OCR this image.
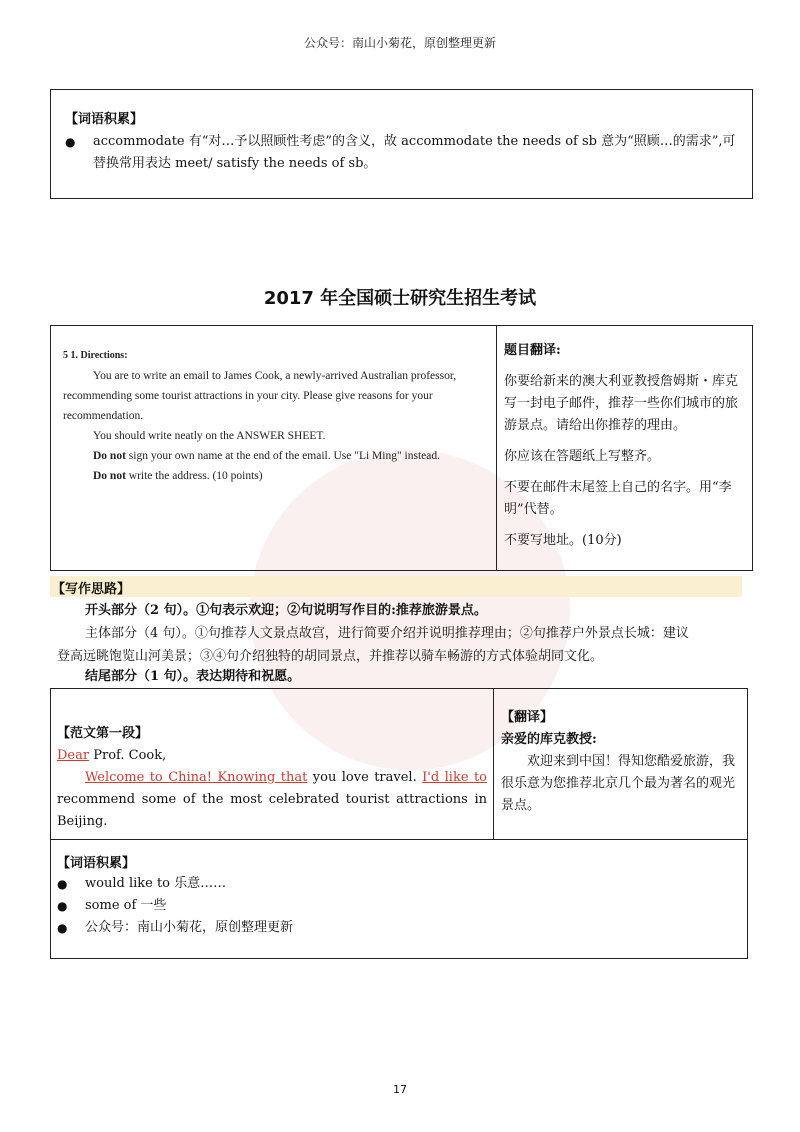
公众号：南山小菊花，原创整理更新
【词语积累】
●	accommodate 有“对…予以照顾性考虑”的含义，故 accommodate the needs of sb 意为“照顾…的需求”,可替换常用表达 meet/ satisfy the needs of sb。
2017 年全国硕士研究生招生考试

5 1. Directions:

You are to write an email to James Cook, a newly-arrived Australian professor, recommending some tourist attractions in your city. Please give reasons for your recommendation.

You should write neatly on the ANSWER SHEET.

Do not sign your own name at the end of the email. Use "Li Ming" instead.

Do not write the address. (10 points)

题目翻译:

你要给新来的澳大利亚教授詹姆斯・库克写一封电子邮件，推荐一些你们城市的旅游景点。请给出你推荐的理由。

你应该在答题纸上写整齐。

不要在邮件末尾签上自己的名字。用“李明”代替。

不要写地址。(10分)

【写作思路】
开头部分（2 句）。①句表示欢迎；②句说明写作目的:推荐旅游景点。
主体部分（4 句）。①句推荐人文景点故宫，进行简要介绍并说明推荐理由；②句推荐户外景点长城：建议
登高远眺饱览山河美景；③④句介绍独特的胡同景点，并推荐以骑车畅游的方式体验胡同文化。
结尾部分（1 句）。表达期待和祝愿。
【范文第一段】
Dear Prof. Cook,
Welcome to China! Knowing that you love travel. I'd like to recommend some of the most celebrated tourist attractions in Beijing.
【翻译】
亲爱的库克教授:
欢迎来到中国！得知您酷爱旅游，我很乐意为您推荐北京几个最为著名的观光景点。
【词语积累】
●	would like to 乐意……
●	some of 一些
●	公众号：南山小菊花，原创整理更新
17
